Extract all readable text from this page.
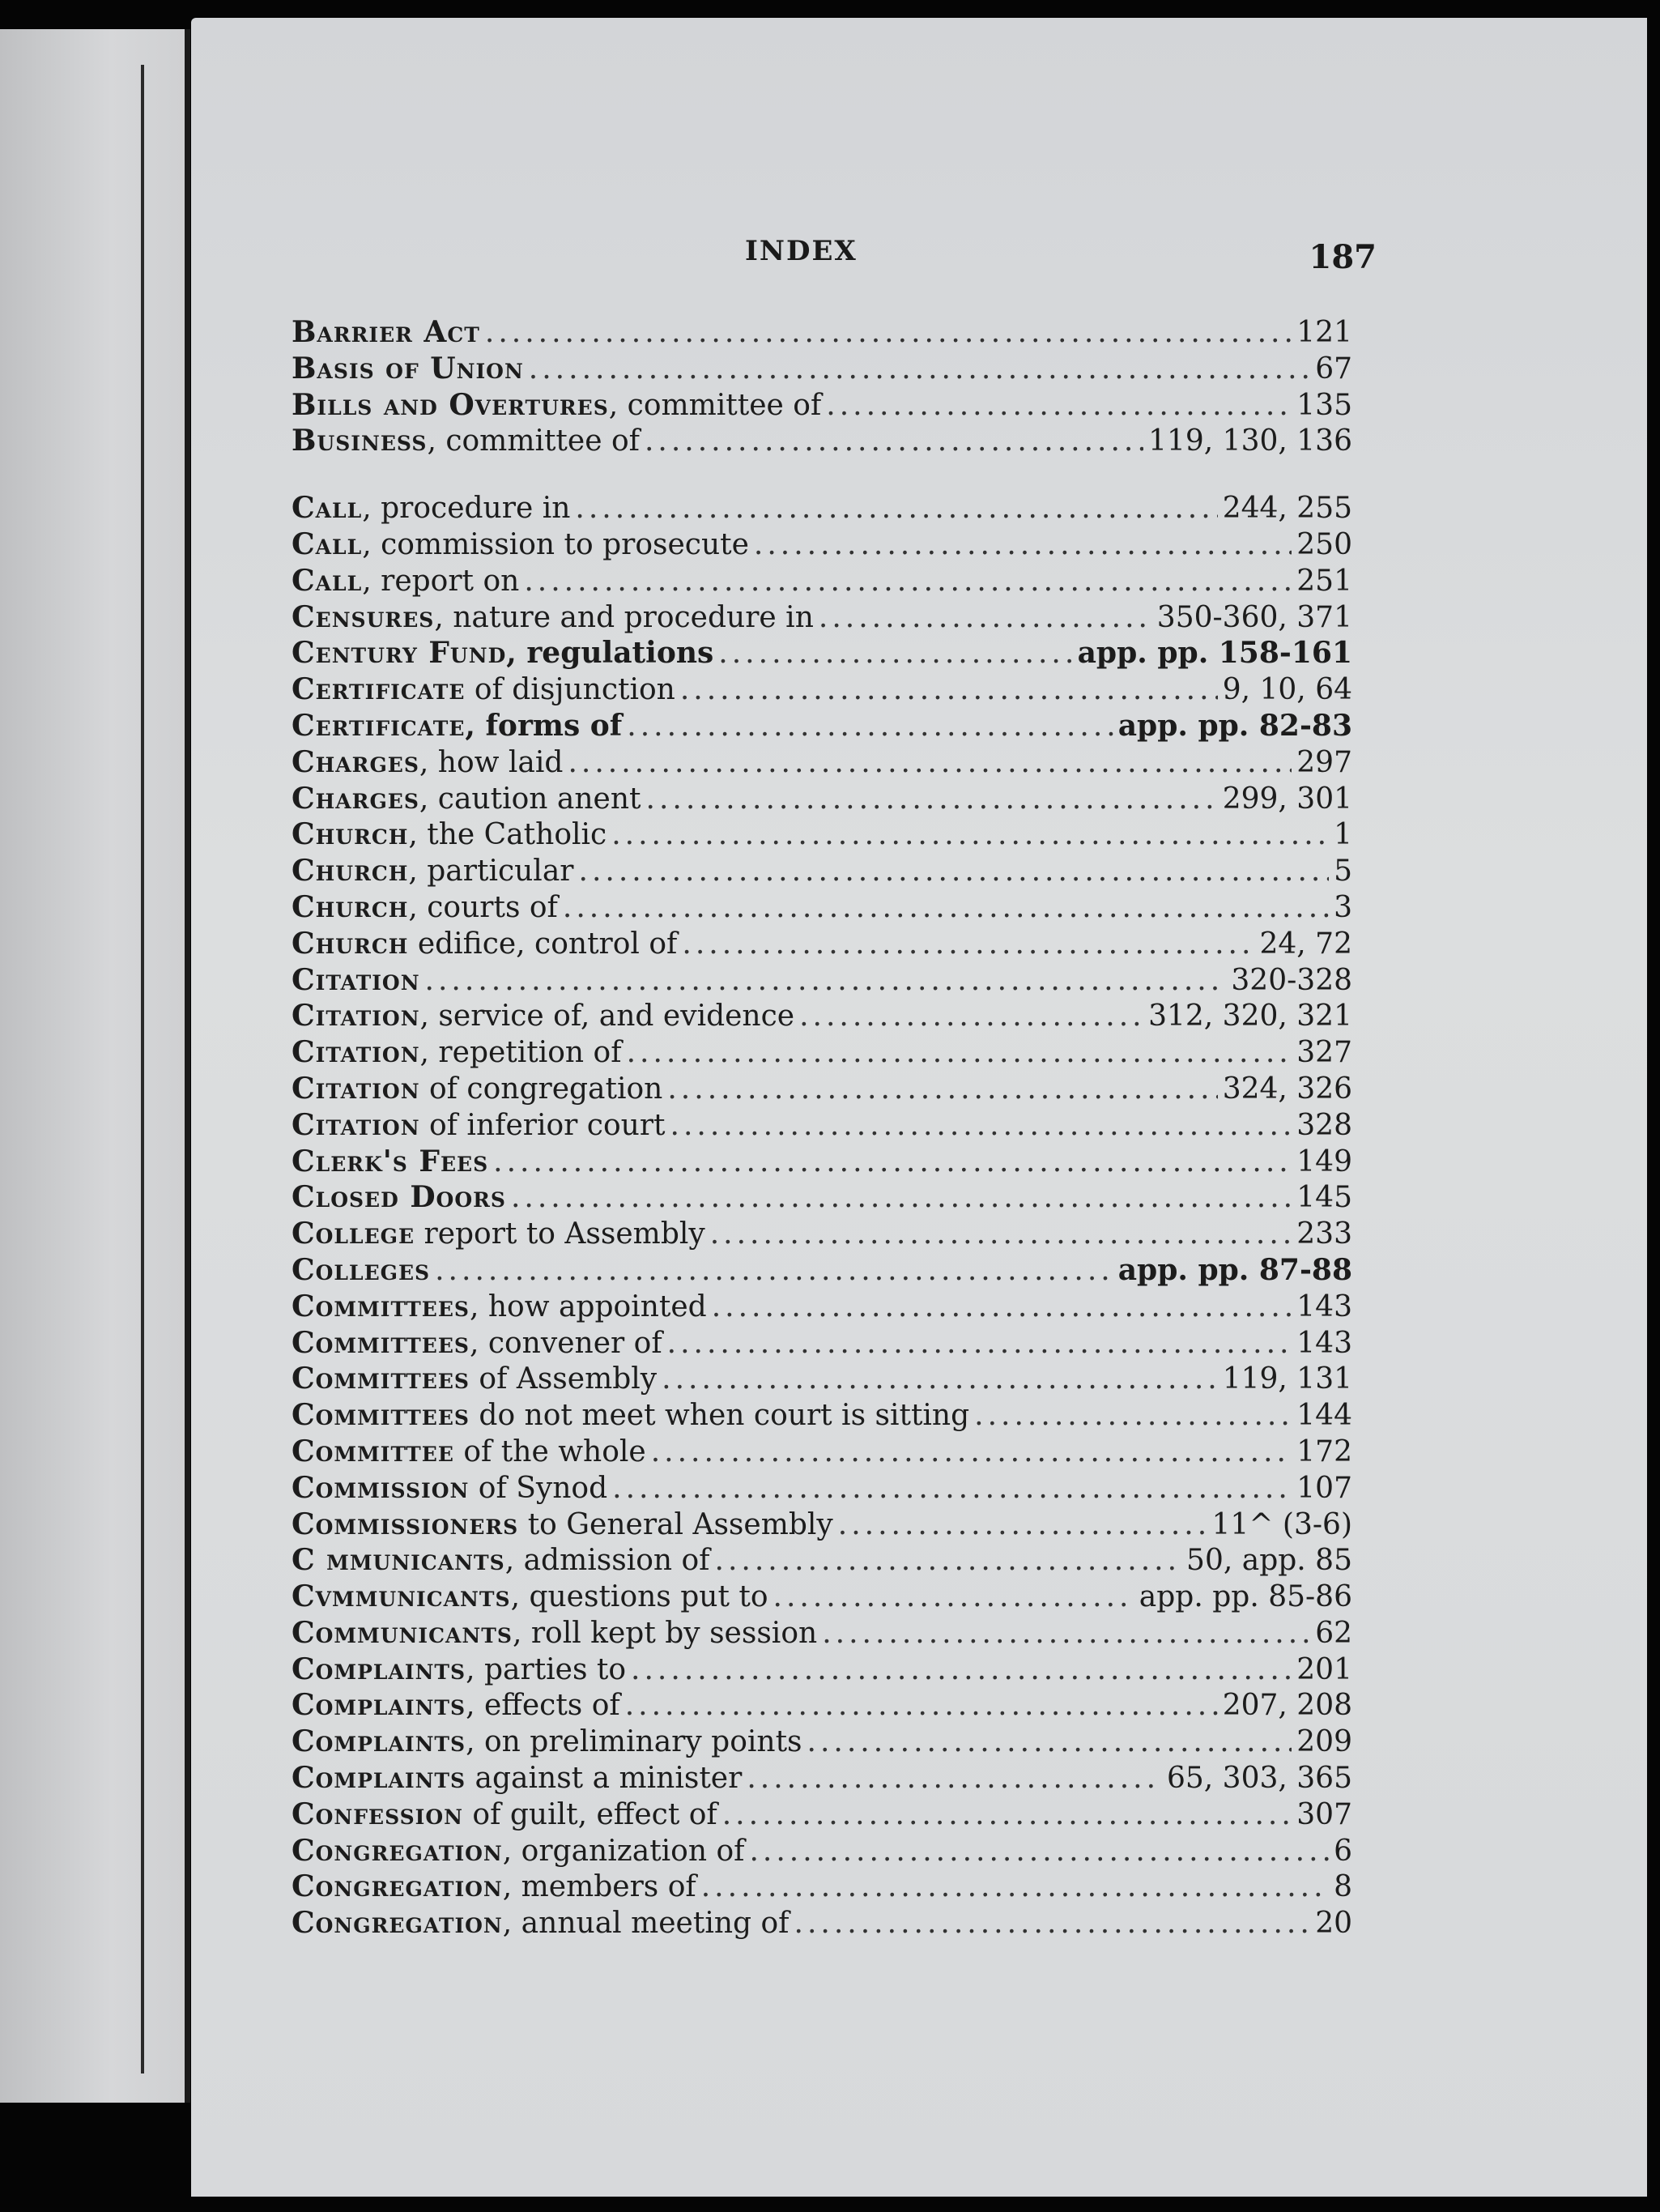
INDEX	187
Barrier Act .....	121
Basis of Union .....	67
Bills and Overtures , committee of .....	135
Business , committee of .....	119, 130, 136
Call , procedure in .....	244, 255
Call , commission to prosecute .....	250
Call , report on .....	251
Censures , nature and procedure in .....	350-360, 371
Century Fund , regulations .....	app. pp. 158-161
Certificate of disjunction .....	9, 10, 64
Certificate , forms of .....	app. pp. 82-83
Charges , how laid .....	297
Charges , caution anent .....	299, 301
Church , the Catholic .....	1
Church , particular .....	5
Church , courts of .....	3
Church edifice, control of .....	24, 72
Citation .....	320-328
Citation , service of, and evidence .....	312, 320, 321
Citation , repetition of .....	327
Citation of congregation .....	324, 326
Citation of inferior court .....	328
Clerk's Fees .....	149
Closed Doors .....	145
College report to Assembly .....	233
Colleges .....	app. pp. 87-88
Committees , how appointed .....	143
Committees , convener of .....	143
Committees of Assembly .....	119, 131
Committees do not meet when court is sitting .....	144
Committee of the whole .....	172
Commission of Synod .....	107
Commissioners to General Assembly .....	11^ (3-6)
C mmunicants , admission of .....	50, app. 85
Cvmmunicants , questions put to .....	app. pp. 85-86
Communicants , roll kept by session .....	62
Complaints , parties to .....	201
Complaints , effects of .....	207, 208
Complaints , on preliminary points .....	209
Complaints against a minister .....	65, 303, 365
Confession of guilt, effect of .....	307
Congregation , organization of .....	6
Congregation , members of .....	8
Congregation , annual meeting of .....	20
